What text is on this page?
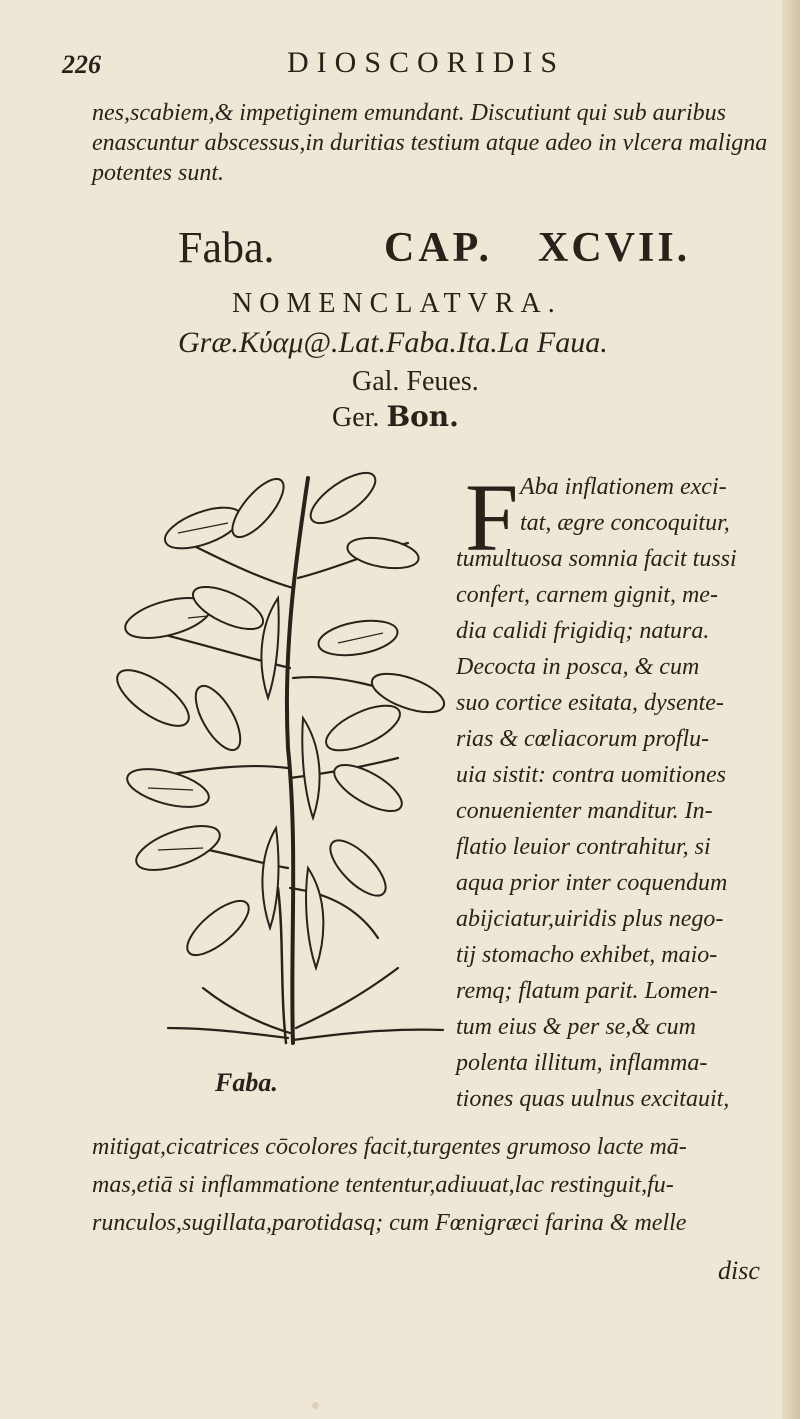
226	DIOSCORIDIS
nes,scabiem,& impetiginem emundant. Discutiunt qui sub auribus
enascuntur abscessus,in duritias testium atque adeo in vlcera maligna
potentes sunt.
Faba.	CAP. XCVII.
NOMENCLATVRA.
Græ.Κύαμ@.Lat.Faba.Ita.La Faua.
Gal. Feues.
Ger. Bon.
Faba.
F Aba inflationem exci-
tat, ægre concoquitur,
tumultuosa somnia facit tussi
confert, carnem gignit, me-
dia calidi frigidiq; natura.
Decocta in posca, & cum
suo cortice esitata, dysente-
rias & cœliacorum proflu-
uia sistit: contra uomitiones
conuenienter manditur. In-
flatio leuior contrahitur, si
aqua prior inter coquendum
abijciatur,uiridis plus nego-
tij stomacho exhibet, maio-
remq; flatum parit. Lomen-
tum eius & per se,& cum
polenta illitum, inflamma-
tiones quas uulnus excitauit,
mitigat,cicatrices cōcolores facit,turgentes grumoso lacte mā-
mas,etiā si inflammatione tententur,adiuuat,lac restinguit,fu-
runculos,sugillata,parotidasq; cum Fœnigræci farina & melle
disc
